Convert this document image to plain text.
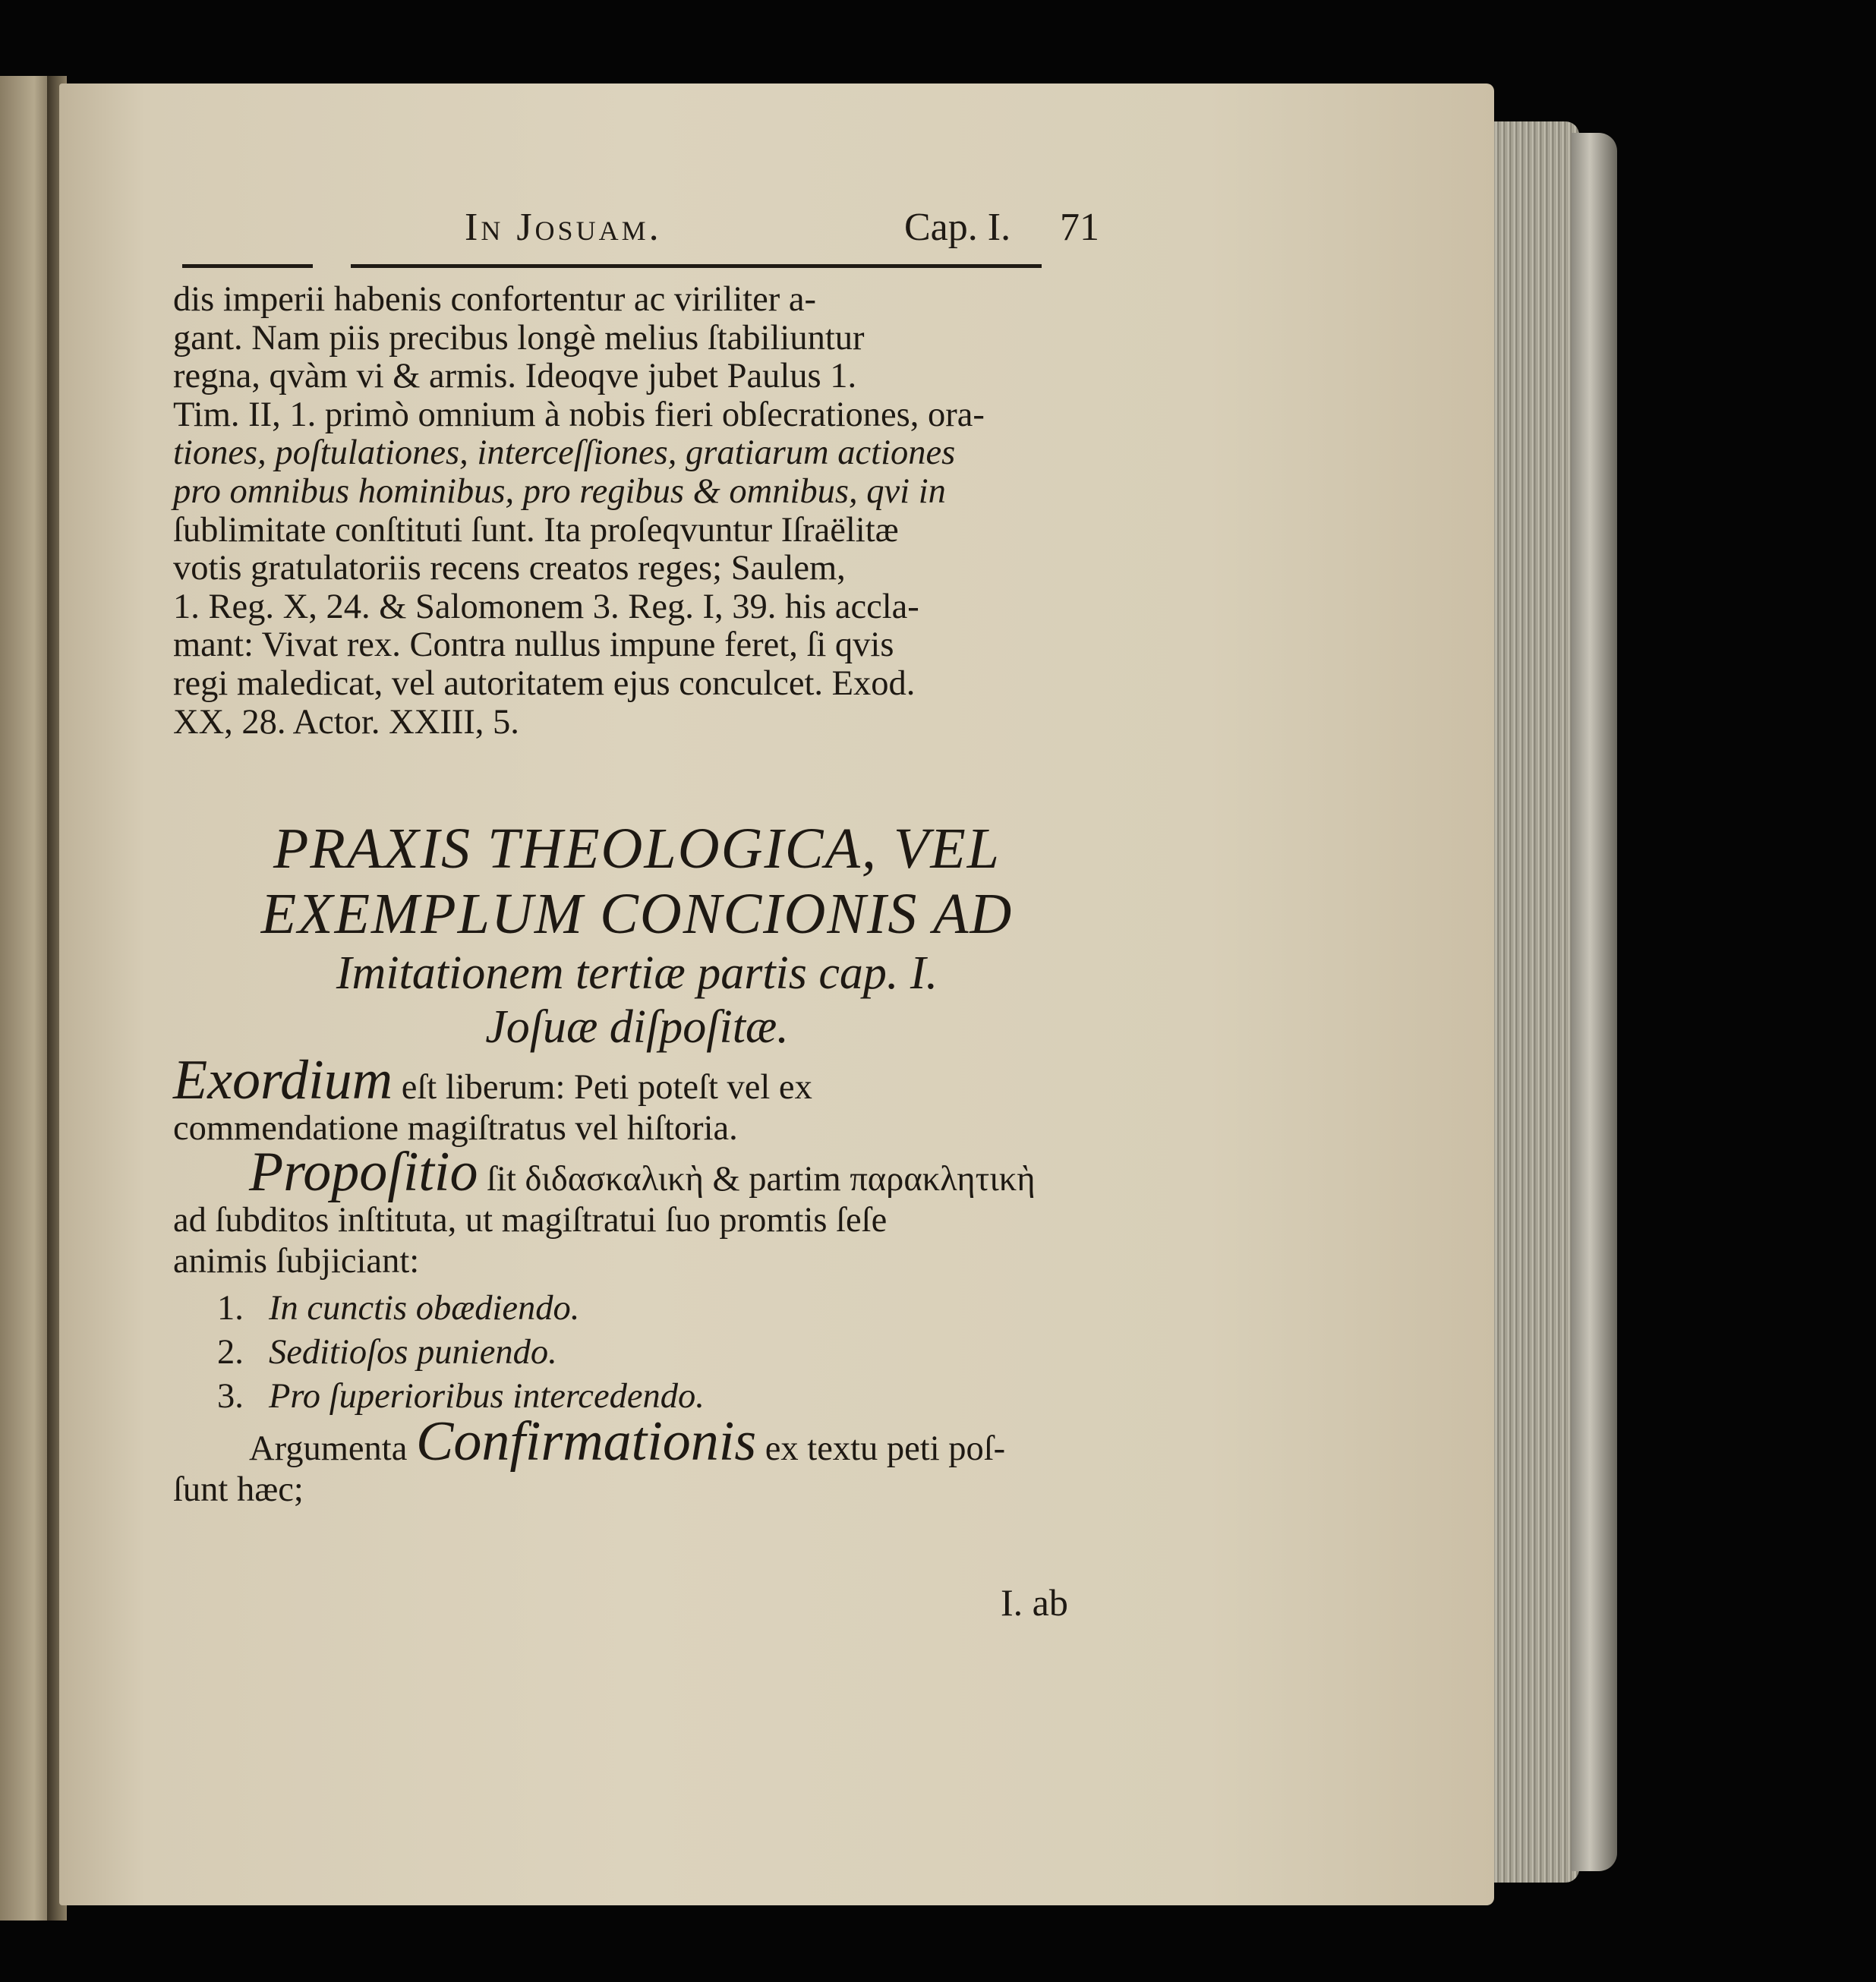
In Josuam.	Cap. I. 71

dis imperii habenis confortentur ac viriliter a-

gant. Nam piis precibus longè melius ſtabiliuntur

regna, qvàm vi & armis. Ideoqve jubet Paulus 1.

Tim. II, 1. primò omnium à nobis fieri obſecrationes, ora-

tiones, poſtulationes, interceſſiones, gratiarum actiones

pro omnibus hominibus, pro regibus & omnibus, qvi in

ſublimitate conſtituti ſunt. Ita proſeqvuntur Iſraëlitæ

votis gratulatoriis recens creatos reges; Saulem,

1. Reg. X, 24. & Salomonem 3. Reg. I, 39. his accla-

mant: Vivat rex. Contra nullus impune feret, ſi qvis

regi maledicat, vel autoritatem ejus conculcet. Exod.

XX, 28. Actor. XXIII, 5.

PRAXIS THEOLOGICA, VEL
EXEMPLUM CONCIONIS AD
Imitationem tertiæ partis cap. I.
Joſuæ diſpoſitæ.

Exordium eſt liberum: Peti poteſt vel ex

commendatione magiſtratus vel hiſtoria.

Propoſitio ſit διδασκαλικὴ & partim παρακλητικὴ

ad ſubditos inſtituta, ut magiſtratui ſuo promtis ſeſe

animis ſubjiciant:

1. In cunctis obædiendo.
2. Seditioſos puniendo.
3. Pro ſuperioribus intercedendo.

Argumenta Confirmationis ex textu peti poſ-

ſunt hæc;

I. ab
